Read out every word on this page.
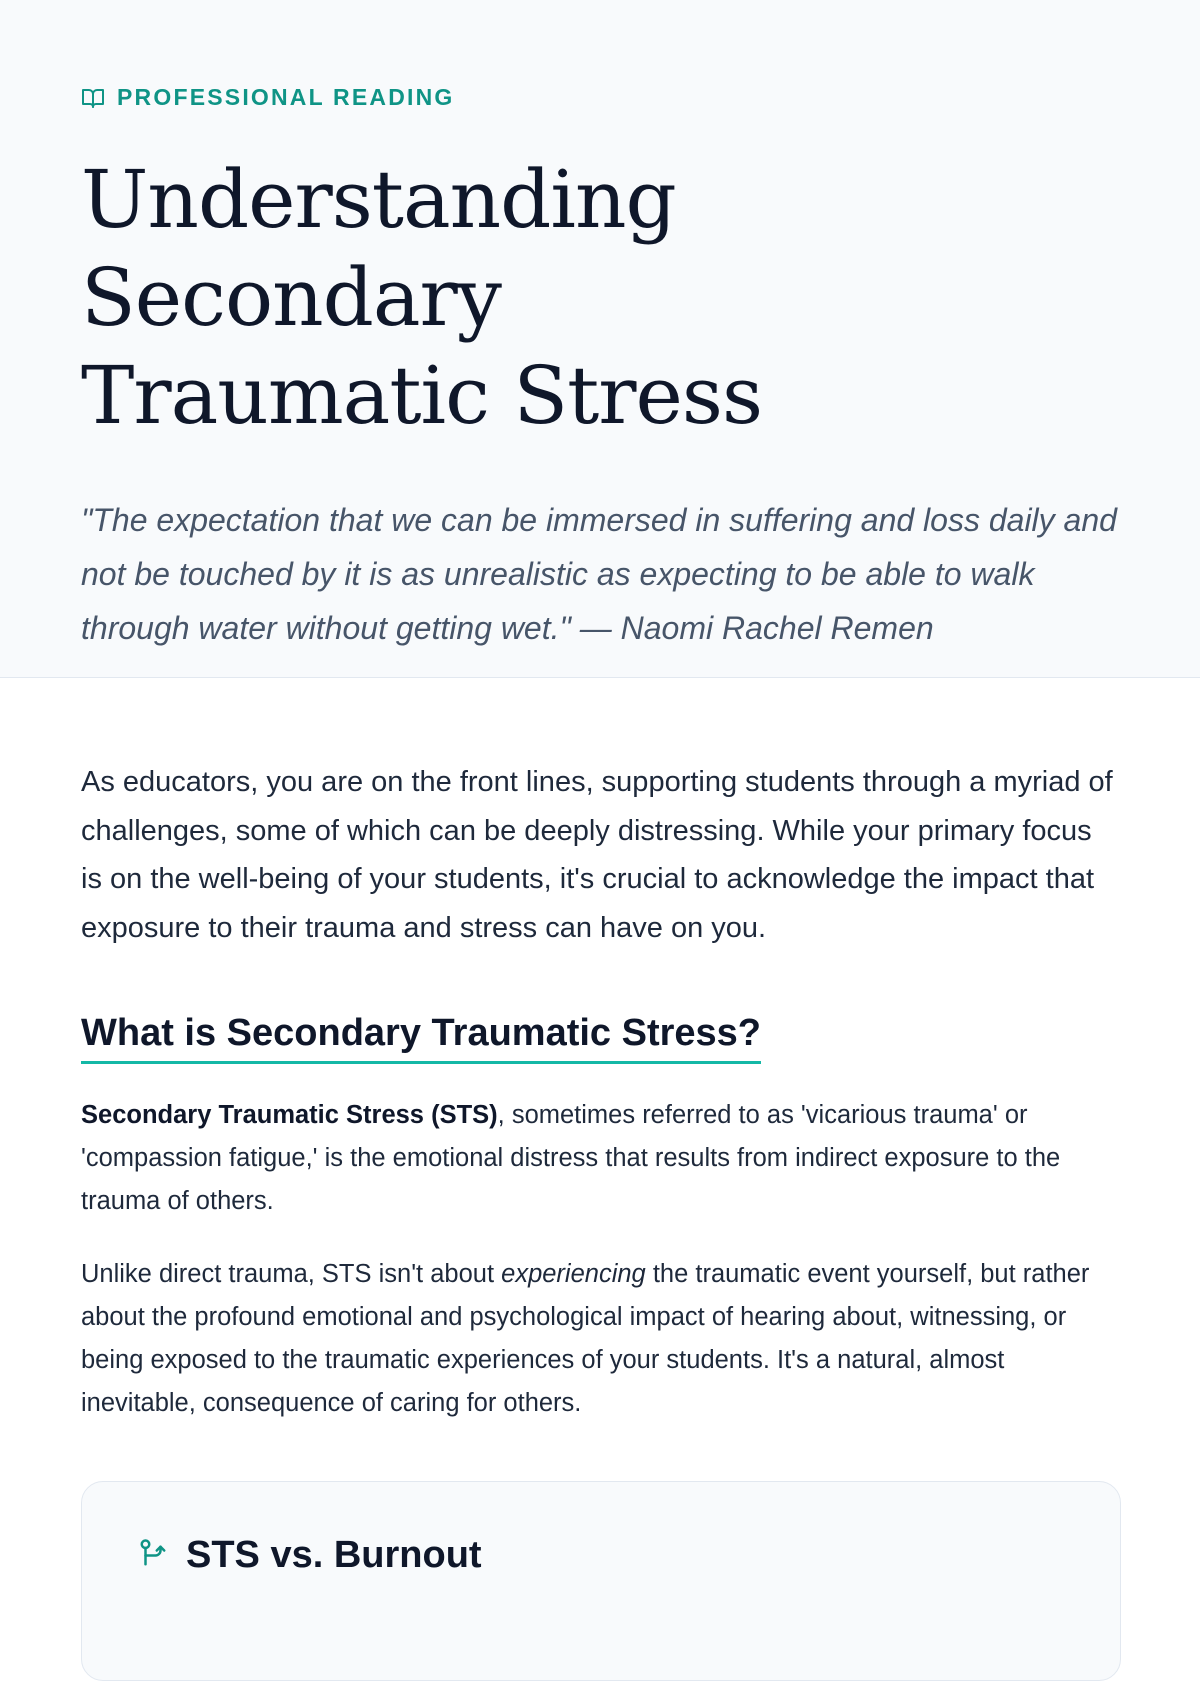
PROFESSIONAL READING
Understanding Secondary
Traumatic Stress

"The expectation that we can be immersed in suffering and loss daily and not be touched by it is as unrealistic as expecting to be able to walk through water without getting wet." — Naomi Rachel Remen

As educators, you are on the front lines, supporting students through a myriad of challenges, some of which can be deeply distressing. While your primary focus is on the well-being of your students, it's crucial to acknowledge the impact that exposure to their trauma and stress can have on you.

What is Secondary Traumatic Stress?

Secondary Traumatic Stress (STS), sometimes referred to as 'vicarious trauma' or 'compassion fatigue,' is the emotional distress that results from indirect exposure to the trauma of others.

Unlike direct trauma, STS isn't about experiencing the traumatic event yourself, but rather about the profound emotional and psychological impact of hearing about, witnessing, or being exposed to the traumatic experiences of your students. It's a natural, almost inevitable, consequence of caring for others.

STS vs. Burnout
